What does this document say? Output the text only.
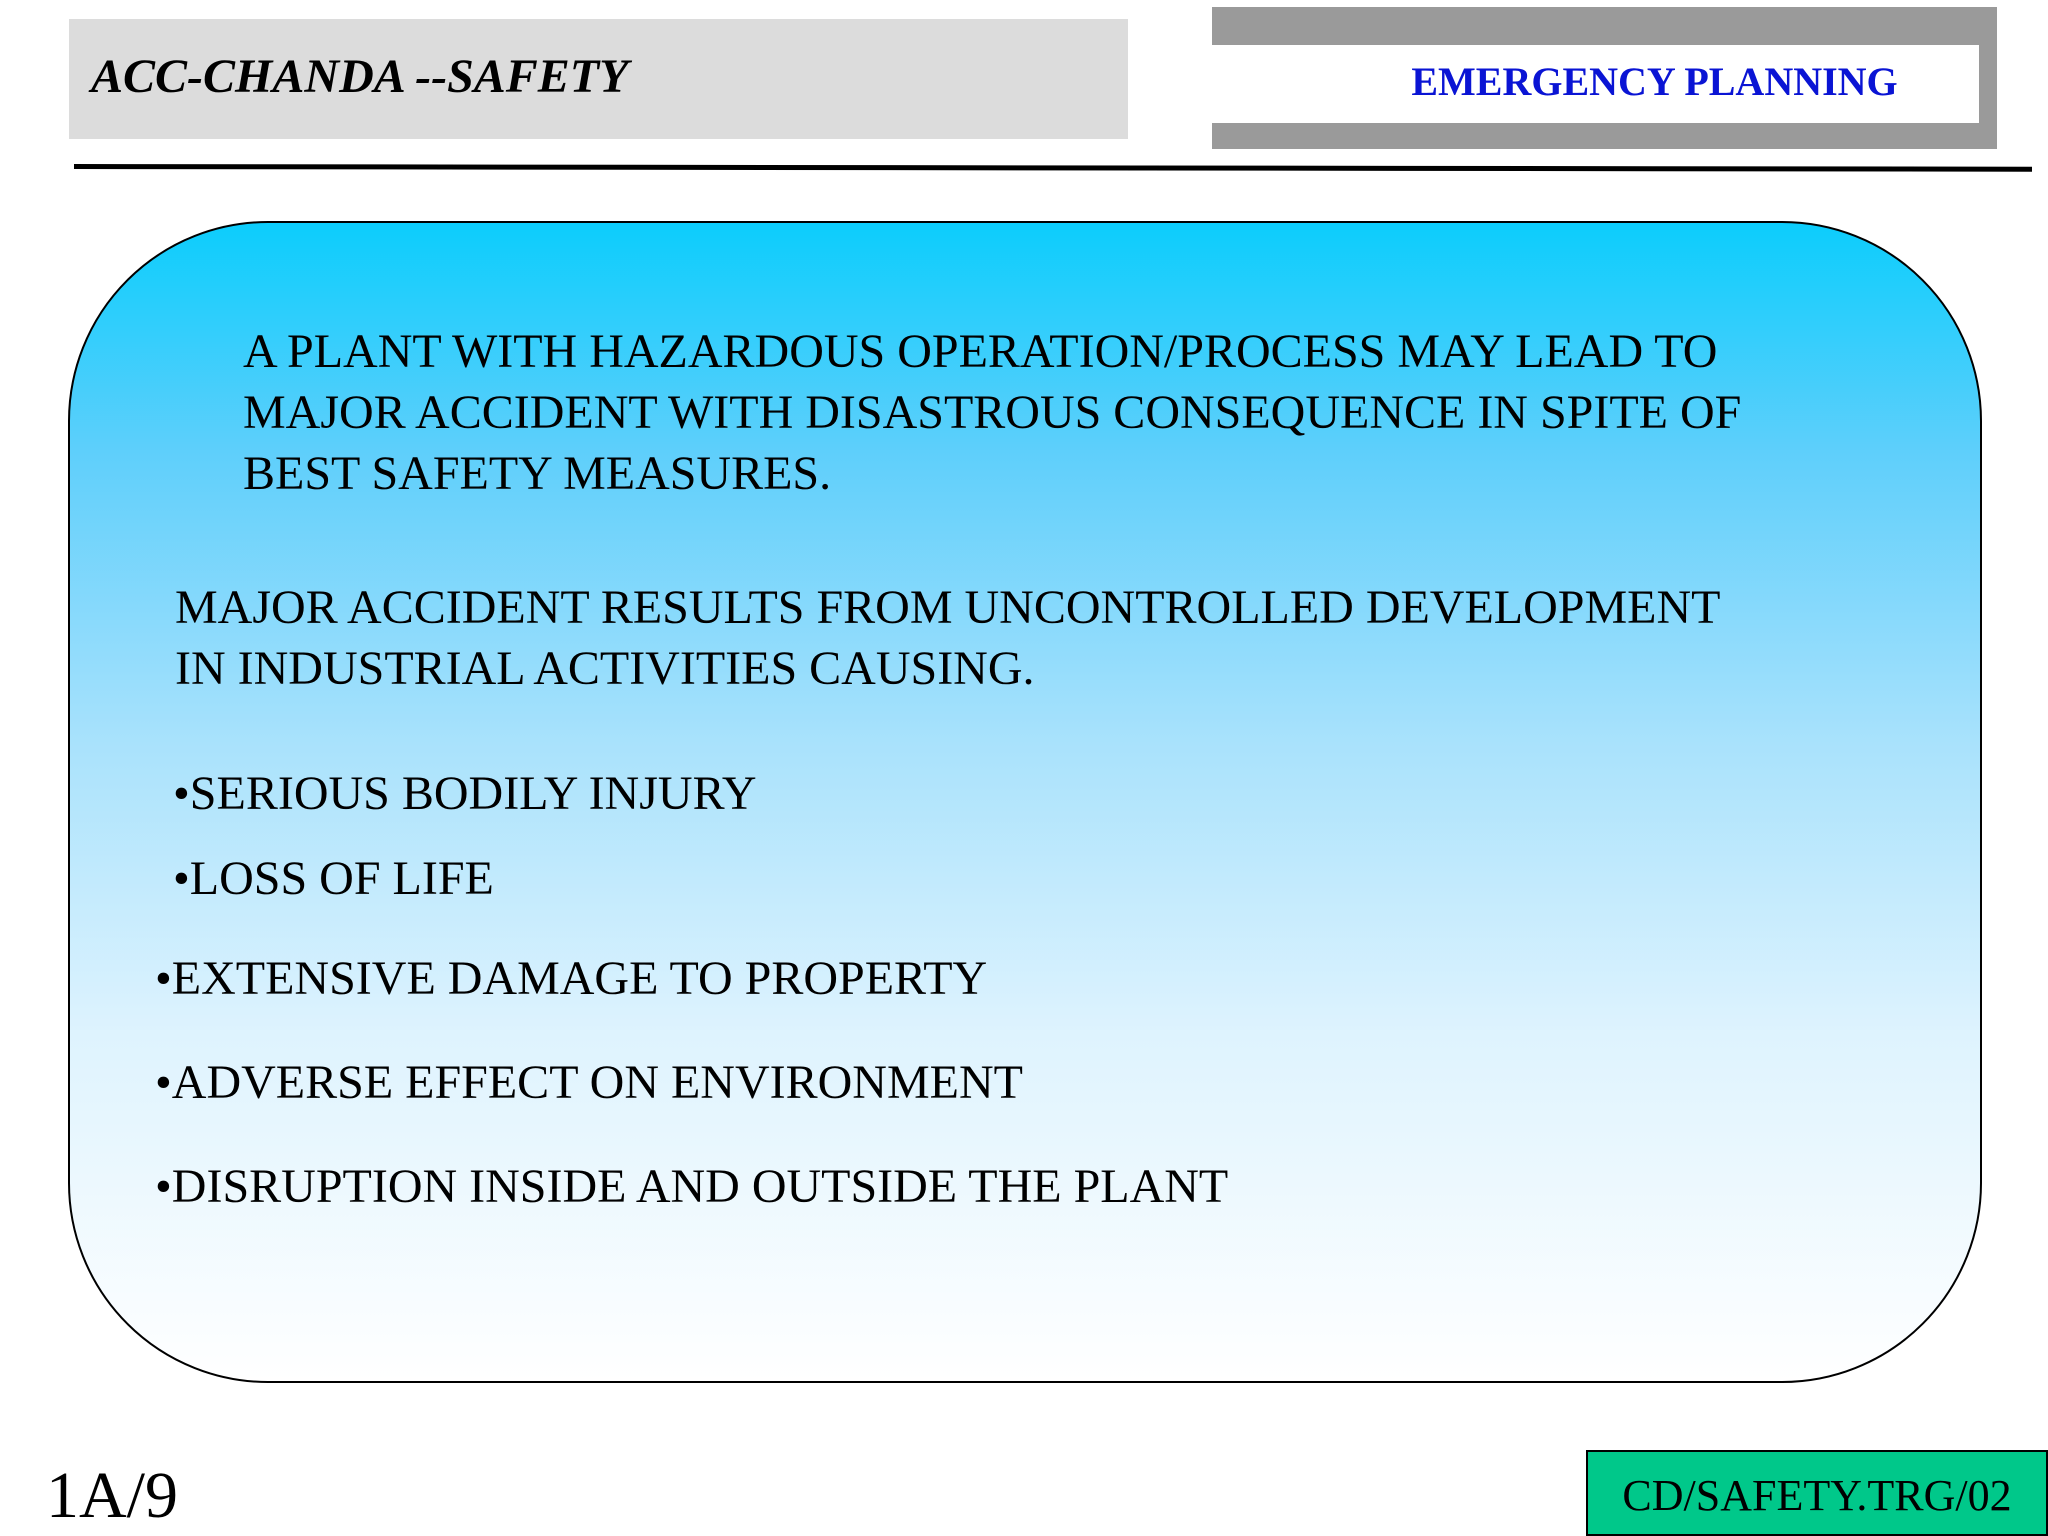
ACC-CHANDA --SAFETY	EMERGENCY PLANNING
A PLANT WITH HAZARDOUS OPERATION/PROCESS MAY LEAD TO
MAJOR ACCIDENT WITH DISASTROUS CONSEQUENCE IN SPITE OF
BEST SAFETY MEASURES.
MAJOR ACCIDENT RESULTS FROM UNCONTROLLED DEVELOPMENT
IN INDUSTRIAL ACTIVITIES CAUSING.
•SERIOUS BODILY INJURY
•LOSS OF LIFE
•EXTENSIVE DAMAGE TO PROPERTY
•ADVERSE EFFECT ON ENVIRONMENT
•DISRUPTION INSIDE AND OUTSIDE THE PLANT
1A/9	CD/SAFETY.TRG/02
